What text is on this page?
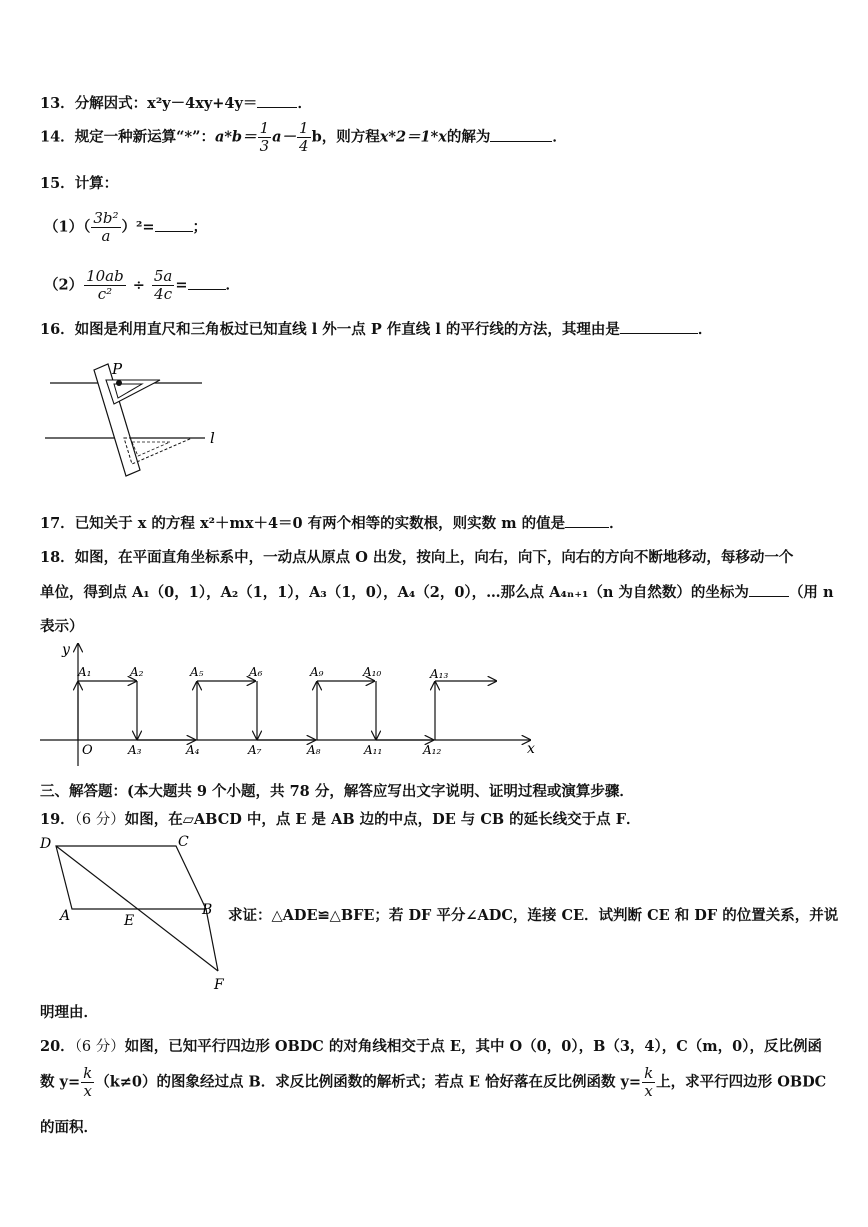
13．分解因式：x²y－4xy+4y＝	．
14．规定一种新运算“*”：$a*b= \frac{1}{3} a- \frac{1}{4}$ b，则方程x*2＝1*x的解为	．
15．计算：
$(1)( \frac{\text{3b²}}{a} )^2=$	；
$(2) \frac{10ab}{\text{c²}} \div \frac{5a}{4c}$ =	．
16．如图是利用直尺和三角板过已知直线 l 外一点 P 作直线 l 的平行线的方法，其理由是	．
P
l
17．已知关于 x 的方程 x²＋mx＋4＝0 有两个相等的实数根，则实数 m 的值是	．
18．如图，在平面直角坐标系中，一动点从原点 O 出发，按向上，向右，向下，向右的方向不断地移动，每移动一个
单位，得到点 A₁（0，1），A₂（1，1），A₃（1，0），A₄（2，0），…那么点 A₄ₙ₊₁（n 为自然数）的坐标为	（用 n
表示）
y
x
O
A₁	A₂	A₅	A₆	A₉	A₁₀	A₁₃
A₃	A₄	A₇	A₈	A₁₁	A₁₂
三、解答题：(本大题共 9 个小题，共 78 分，解答应写出文字说明、证明过程或演算步骤．
19．（6 分）如图，在▱ABCD 中，点 E 是 AB 边的中点，DE 与 CB 的延长线交于点 F．
D	C
A	E
B
F
求证：△ADE≌△BFE；若 DF 平分∠ADC，连接 CE．试判断 CE 和 DF 的位置关系，并说
明理由．
20．（6 分）如图，已知平行四边形 OBDC 的对角线相交于点 E，其中 O（0，0），B（3，4），C（m，0），反比例函
数 $y= \frac{k}{x} (k\ne 0)$的图象经过点 B．求反比例函数的解析式；若点 E 恰好落在反比例函数 $y= \frac{k}{x}$ 上，求平行四边形 OBDC
的面积．
